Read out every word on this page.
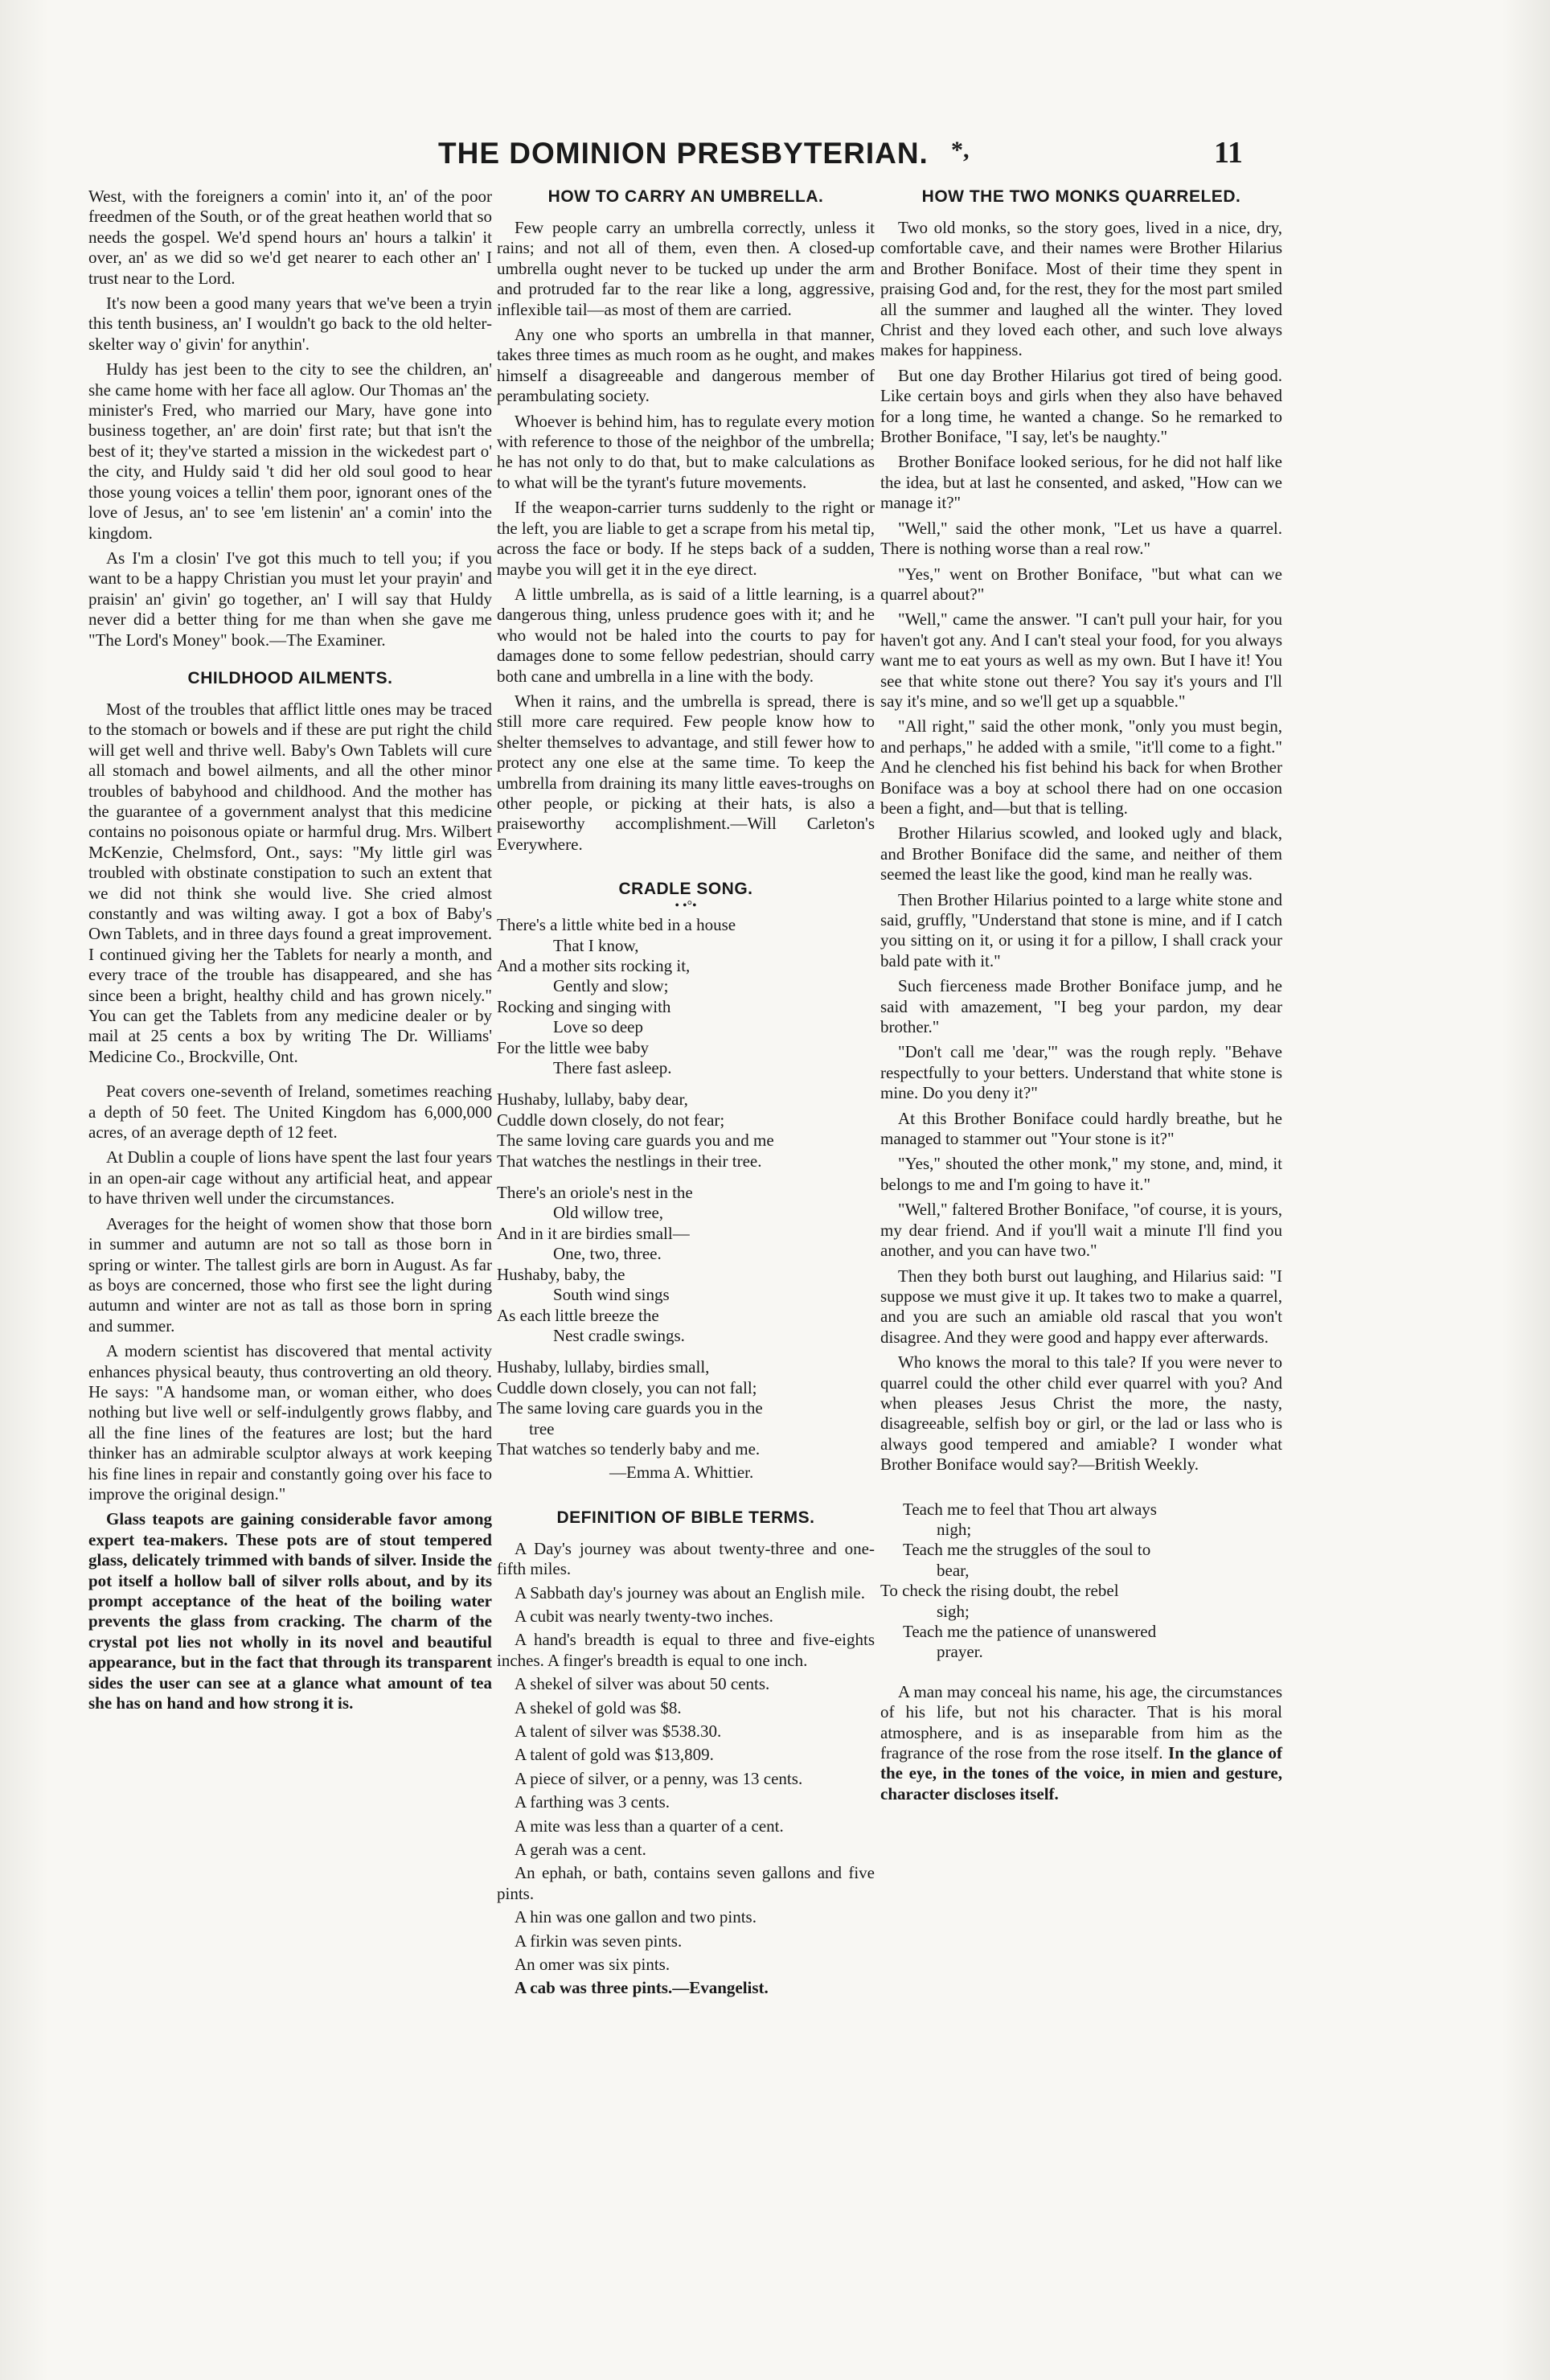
THE DOMINION PRESBYTERIAN. *,	11

West, with the foreigners a comin' into it, an' of the poor freedmen of the South, or of the great heathen world that so needs the gospel. We'd spend hours an' hours a talkin' it over, an' as we did so we'd get nearer to each other an' I trust near to the Lord.

It's now been a good many years that we've been a tryin this tenth business, an' I wouldn't go back to the old helter-skelter way o' givin' for anythin'.

Huldy has jest been to the city to see the children, an' she came home with her face all aglow. Our Thomas an' the minister's Fred, who married our Mary, have gone into business together, an' are doin' first rate; but that isn't the best of it; they've started a mission in the wickedest part o' the city, and Huldy said 't did her old soul good to hear those young voices a tellin' them poor, ignorant ones of the love of Jesus, an' to see 'em listenin' an' a comin' into the kingdom.

As I'm a closin' I've got this much to tell you; if you want to be a happy Christian you must let your prayin' and praisin' an' givin' go together, an' I will say that Huldy never did a better thing for me than when she gave me "The Lord's Money" book.—The Examiner.

CHILDHOOD AILMENTS.

Most of the troubles that afflict little ones may be traced to the stomach or bowels and if these are put right the child will get well and thrive well. Baby's Own Tablets will cure all stomach and bowel ailments, and all the other minor troubles of babyhood and childhood. And the mother has the guarantee of a government analyst that this medicine contains no poisonous opiate or harmful drug. Mrs. Wilbert McKenzie, Chelmsford, Ont., says: "My little girl was troubled with obstinate constipation to such an extent that we did not think she would live. She cried almost constantly and was wilting away. I got a box of Baby's Own Tablets, and in three days found a great improvement. I continued giving her the Tablets for nearly a month, and every trace of the trouble has disappeared, and she has since been a bright, healthy child and has grown nicely." You can get the Tablets from any medicine dealer or by mail at 25 cents a box by writing The Dr. Williams' Medicine Co., Brockville, Ont.

Peat covers one-seventh of Ireland, sometimes reaching a depth of 50 feet. The United Kingdom has 6,000,000 acres, of an average depth of 12 feet.

At Dublin a couple of lions have spent the last four years in an open-air cage without any artificial heat, and appear to have thriven well under the circumstances.

Averages for the height of women show that those born in summer and autumn are not so tall as those born in spring or winter. The tallest girls are born in August. As far as boys are concerned, those who first see the light during autumn and winter are not as tall as those born in spring and summer.

A modern scientist has discovered that mental activity enhances physical beauty, thus controverting an old theory. He says: "A handsome man, or woman either, who does nothing but live well or self-indulgently grows flabby, and all the fine lines of the features are lost; but the hard thinker has an admirable sculptor always at work keeping his fine lines in repair and constantly going over his face to improve the original design."

Glass teapots are gaining considerable favor among expert tea-makers. These pots are of stout tempered glass, delicately trimmed with bands of silver. Inside the pot itself a hollow ball of silver rolls about, and by its prompt acceptance of the heat of the boiling water prevents the glass from cracking. The charm of the crystal pot lies not wholly in its novel and beautiful appearance, but in the fact that through its transparent sides the user can see at a glance what amount of tea she has on hand and how strong it is.

HOW TO CARRY AN UMBRELLA.

Few people carry an umbrella correctly, unless it rains; and not all of them, even then. A closed-up umbrella ought never to be tucked up under the arm and protruded far to the rear like a long, aggressive, inflexible tail—as most of them are carried.

Any one who sports an umbrella in that manner, takes three times as much room as he ought, and makes himself a disagreeable and dangerous member of perambulating society.

Whoever is behind him, has to regulate every motion with reference to those of the neighbor of the umbrella; he has not only to do that, but to make calculations as to what will be the tyrant's future movements.

If the weapon-carrier turns suddenly to the right or the left, you are liable to get a scrape from his metal tip, across the face or body. If he steps back of a sudden, maybe you will get it in the eye direct.

A little umbrella, as is said of a little learning, is a dangerous thing, unless prudence goes with it; and he who would not be haled into the courts to pay for damages done to some fellow pedestrian, should carry both cane and umbrella in a line with the body.

When it rains, and the umbrella is spread, there is still more care required. Few people know how to shelter themselves to advantage, and still fewer how to protect any one else at the same time. To keep the umbrella from draining its many little eaves-troughs on other people, or picking at their hats, is also a praiseworthy accomplishment.—Will Carleton's Everywhere.

CRADLE SONG.
• •°•

There's a little white bed in a house

That I know,

And a mother sits rocking it,

Gently and slow;

Rocking and singing with

Love so deep

For the little wee baby

There fast asleep.

Hushaby, lullaby, baby dear,

Cuddle down closely, do not fear;

The same loving care guards you and me

That watches the nestlings in their tree.

There's an oriole's nest in the

Old willow tree,

And in it are birdies small—

One, two, three.

Hushaby, baby, the

South wind sings

As each little breeze the

Nest cradle swings.

Hushaby, lullaby, birdies small,

Cuddle down closely, you can not fall;

The same loving care guards you in the

tree

That watches so tenderly baby and me.

—Emma A. Whittier.

DEFINITION OF BIBLE TERMS.

A Day's journey was about twenty-three and one-fifth miles.

A Sabbath day's journey was about an English mile.

A cubit was nearly twenty-two inches.

A hand's breadth is equal to three and five-eights inches. A finger's breadth is equal to one inch.

A shekel of silver was about 50 cents.

A shekel of gold was $8.

A talent of silver was $538.30.

A talent of gold was $13,809.

A piece of silver, or a penny, was 13 cents.

A farthing was 3 cents.

A mite was less than a quarter of a cent.

A gerah was a cent.

An ephah, or bath, contains seven gallons and five pints.

A hin was one gallon and two pints.

A firkin was seven pints.

An omer was six pints.

A cab was three pints.—Evangelist.

HOW THE TWO MONKS QUARRELED.

Two old monks, so the story goes, lived in a nice, dry, comfortable cave, and their names were Brother Hilarius and Brother Boniface. Most of their time they spent in praising God and, for the rest, they for the most part smiled all the summer and laughed all the winter. They loved Christ and they loved each other, and such love always makes for happiness.

But one day Brother Hilarius got tired of being good. Like certain boys and girls when they also have behaved for a long time, he wanted a change. So he remarked to Brother Boniface, "I say, let's be naughty."

Brother Boniface looked serious, for he did not half like the idea, but at last he consented, and asked, "How can we manage it?"

"Well," said the other monk, "Let us have a quarrel. There is nothing worse than a real row."

"Yes," went on Brother Boniface, "but what can we quarrel about?"

"Well," came the answer. "I can't pull your hair, for you haven't got any. And I can't steal your food, for you always want me to eat yours as well as my own. But I have it! You see that white stone out there? You say it's yours and I'll say it's mine, and so we'll get up a squabble."

"All right," said the other monk, "only you must begin, and perhaps," he added with a smile, "it'll come to a fight." And he clenched his fist behind his back for when Brother Boniface was a boy at school there had on one occasion been a fight, and—but that is telling.

Brother Hilarius scowled, and looked ugly and black, and Brother Boniface did the same, and neither of them seemed the least like the good, kind man he really was.

Then Brother Hilarius pointed to a large white stone and said, gruffly, "Understand that stone is mine, and if I catch you sitting on it, or using it for a pillow, I shall crack your bald pate with it."

Such fierceness made Brother Boniface jump, and he said with amazement, "I beg your pardon, my dear brother."

"Don't call me 'dear,'" was the rough reply. "Behave respectfully to your betters. Understand that white stone is mine. Do you deny it?"

At this Brother Boniface could hardly breathe, but he managed to stammer out "Your stone is it?"

"Yes," shouted the other monk," my stone, and, mind, it belongs to me and I'm going to have it."

"Well," faltered Brother Boniface, "of course, it is yours, my dear friend. And if you'll wait a minute I'll find you another, and you can have two."

Then they both burst out laughing, and Hilarius said: "I suppose we must give it up. It takes two to make a quarrel, and you are such an amiable old rascal that you won't disagree. And they were good and happy ever afterwards.

Who knows the moral to this tale? If you were never to quarrel could the other child ever quarrel with you? And when pleases Jesus Christ the more, the nasty, disagreeable, selfish boy or girl, or the lad or lass who is always good tempered and amiable? I wonder what Brother Boniface would say?—British Weekly.

Teach me to feel that Thou art always

nigh;

Teach me the struggles of the soul to

bear,

To check the rising doubt, the rebel

sigh;

Teach me the patience of unanswered

prayer.

A man may conceal his name, his age, the circumstances of his life, but not his character. That is his moral atmosphere, and is as inseparable from him as the fragrance of the rose from the rose itself. In the glance of the eye, in the tones of the voice, in mien and gesture, character discloses itself.
